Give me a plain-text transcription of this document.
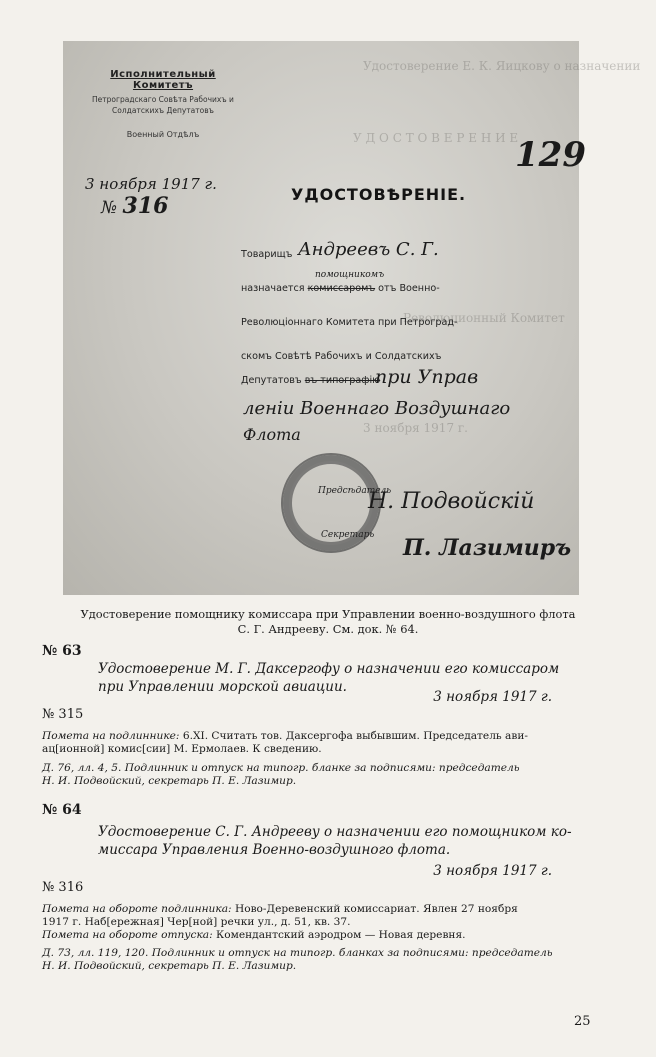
Удостоверение Е. К. Яицкову о назначении
У Д О С Т О В Е Р Е Н И Е
Революционный Комитет
3 ноября 1917 г.
Исполнительный Комитетъ
Петроградскаго Совѣта Рабочихъ и
Солдатскихъ Депутатовъ
Военный Отдѣлъ
3 ноября 1917 г.
№ 316
129
УДОСТОВѢРЕНIЕ.
Товарищъ Андреевъ С. Г.
помощникомъ
назначается комиссаромъ отъ Военно-
Революцiоннаго Комитета при Петроград-
скомъ Совѣтѣ Рабочихъ и Солдатскихъ
Депутатовъ въ типографiю
при Управ
ленiи Военнаго Воздушнаго
Флота
Предсѣдатель
Н. Подвойскiй
Секретарь П. Лазимиръ
Удостоверение помощнику комиссара при Управлении военно-воздушного флота
С. Г. Андрееву. См. док. № 64.
№ 63
Удостоверение М. Г. Даксергофу о назначении его комиссаром
при Управлении морской авиации.
3 ноября 1917 г.
№ 315
Помета на подлиннике: 6.XI. Считать тов. Даксергофа выбывшим. Председатель ави-
ац[ионной] комис[сии] М. Ермолаев. К сведению.
Д. 76, лл. 4, 5. Подлинник и отпуск на типогр. бланке за подписями: председатель
Н. И. Подвойский, секретарь П. Е. Лазимир.
№ 64
Удостоверение С. Г. Андрееву о назначении его помощником ко-
миссара Управления Военно-воздушного флота.
3 ноября 1917 г.
№ 316
Помета на обороте подлинника: Ново-Деревенский комиссариат. Явлен 27 ноября
1917 г. Наб[ережная] Чер[ной] речки ул., д. 51, кв. 37.
Помета на обороте отпуска: Комендантский аэродром — Новая деревня.
Д. 73, лл. 119, 120. Подлинник и отпуск на типогр. бланках за подписями: председатель
Н. И. Подвойский, секретарь П. Е. Лазимир.
25
